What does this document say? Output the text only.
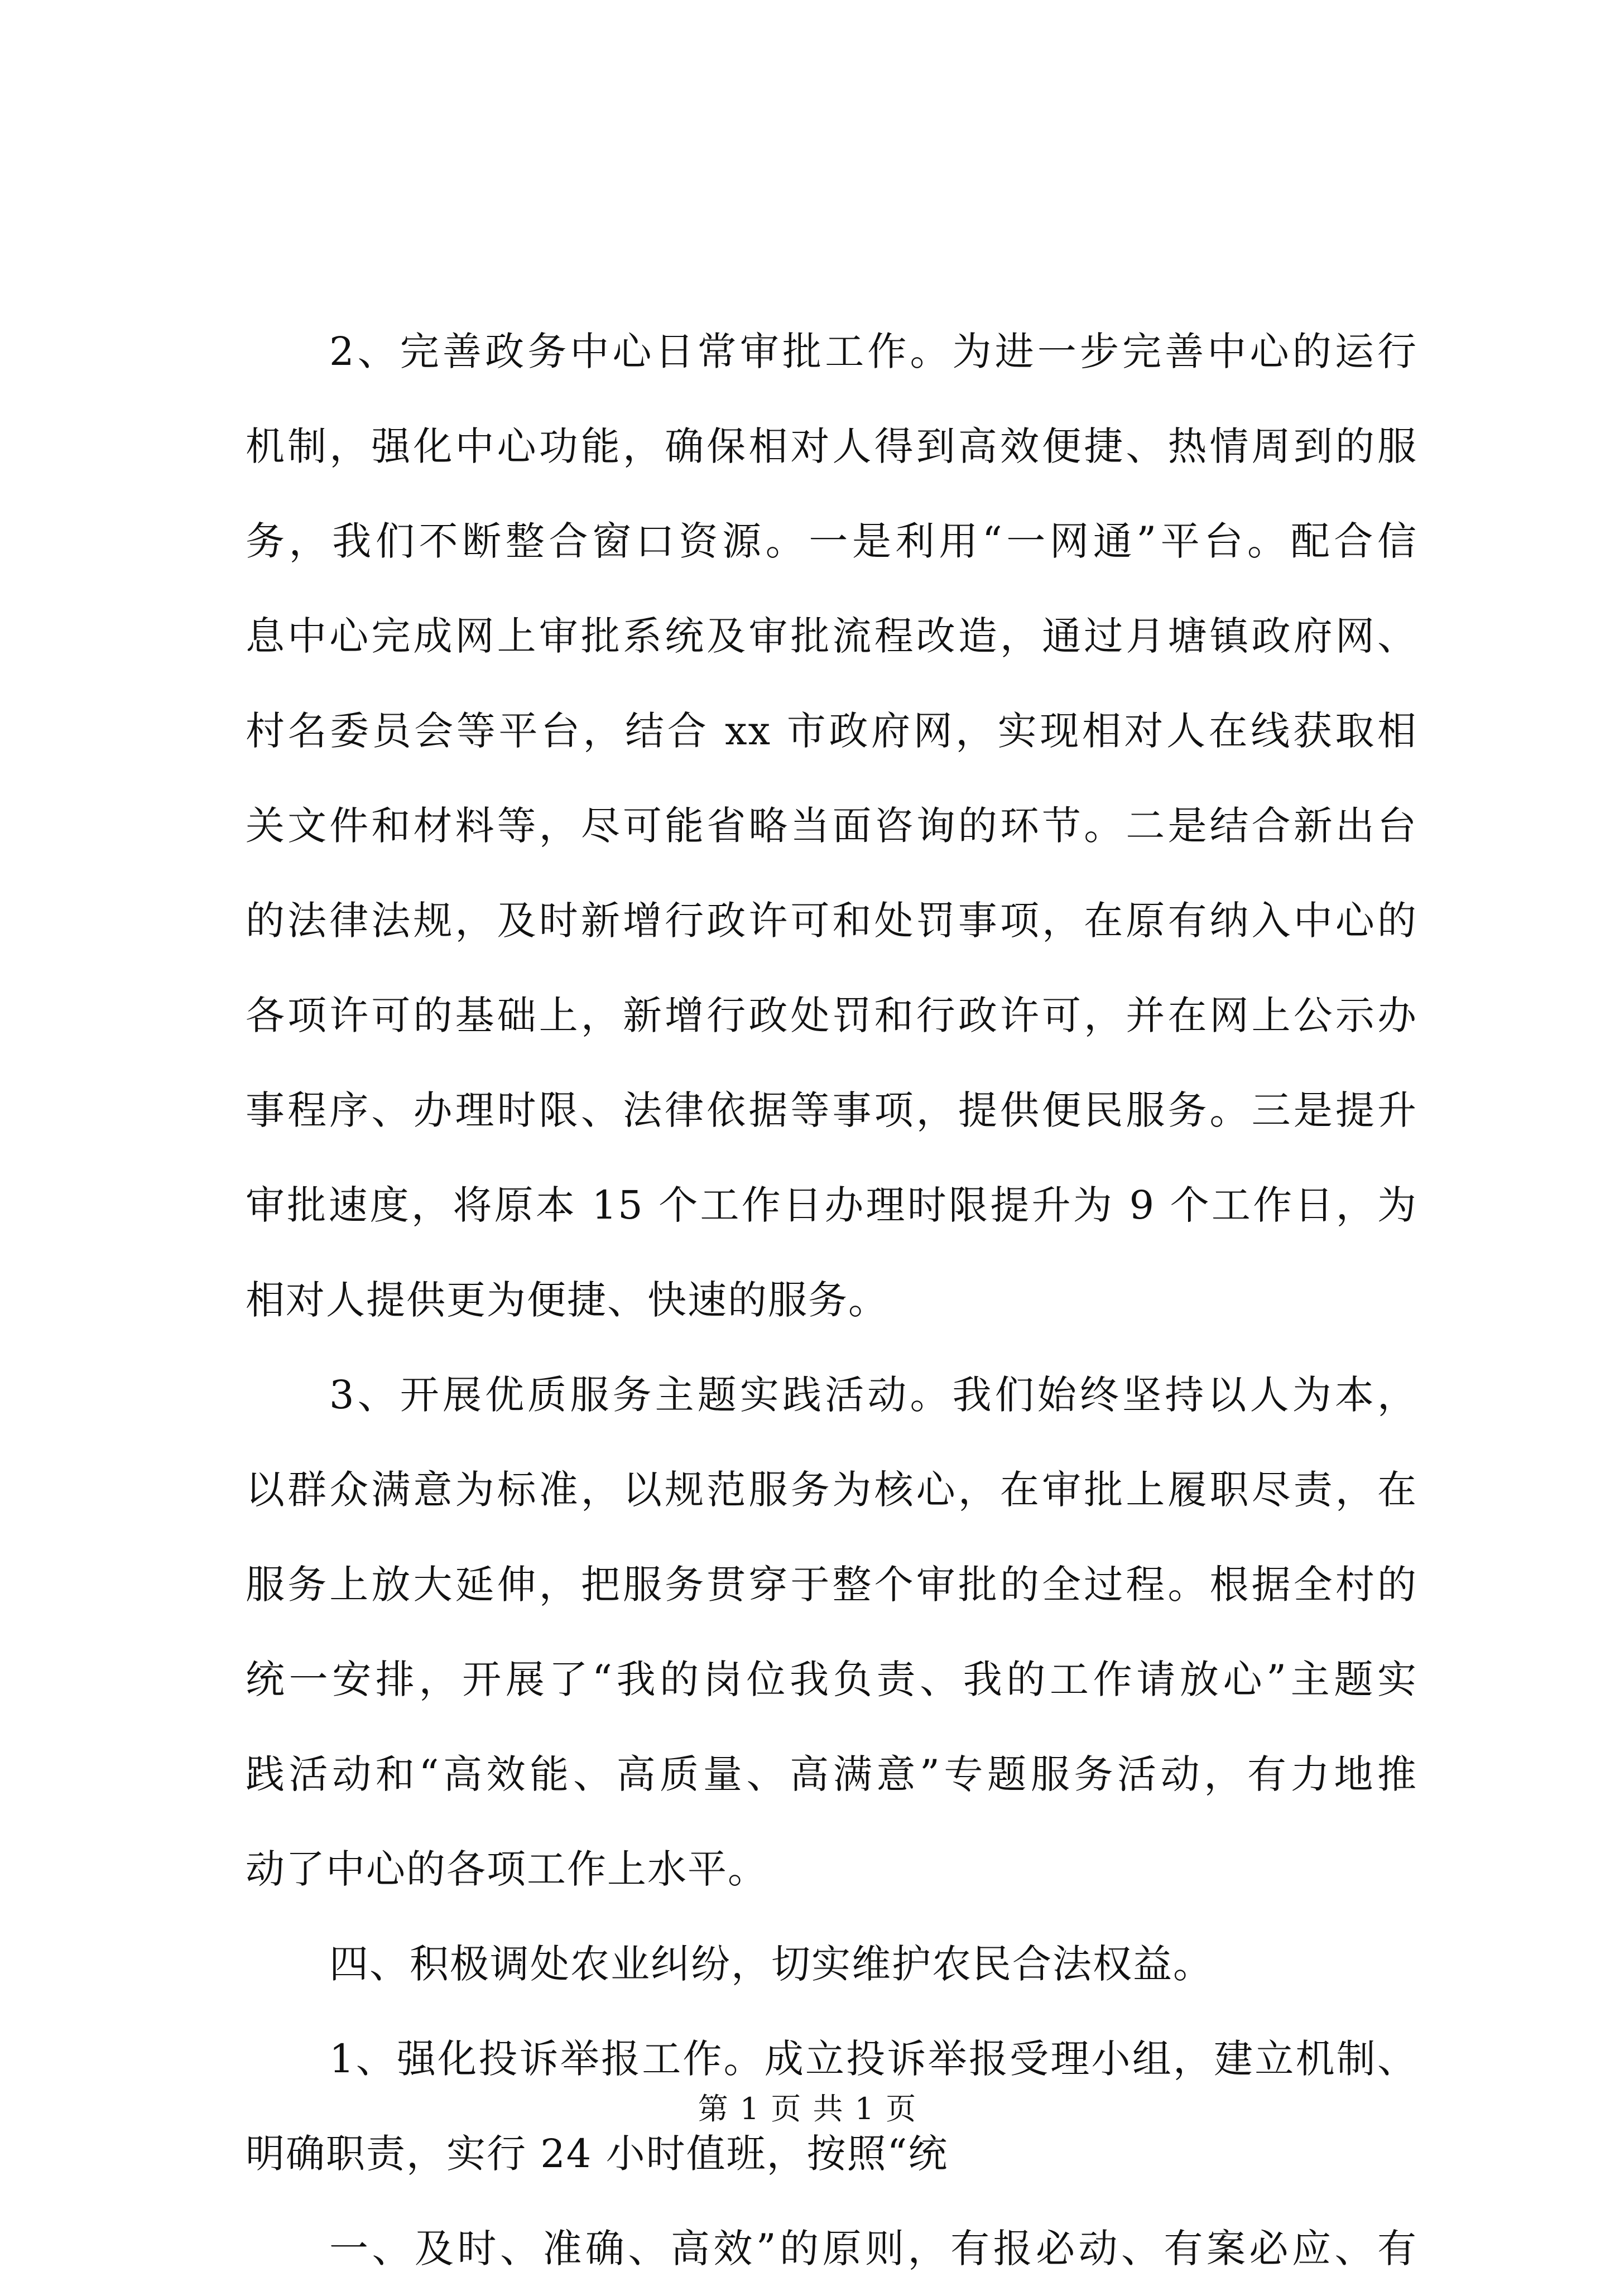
2、完善政务中心日常审批工作。为进一步完善中心的运行
机制，强化中心功能，确保相对人得到高效便捷、热情周到的服
务，我们不断整合窗口资源。一是利用“一网通”平台。配合信
息中心完成网上审批系统及审批流程改造，通过月塘镇政府网、
村名委员会等平台，结合 xx 市政府网，实现相对人在线获取相
关文件和材料等，尽可能省略当面咨询的环节。二是结合新出台
的法律法规，及时新增行政许可和处罚事项，在原有纳入中心的
各项许可的基础上，新增行政处罚和行政许可，并在网上公示办
事程序、办理时限、法律依据等事项，提供便民服务。三是提升
审批速度，将原本 15 个工作日办理时限提升为 9 个工作日，为
相对人提供更为便捷、快速的服务。
3、开展优质服务主题实践活动。我们始终坚持以人为本，
以群众满意为标准，以规范服务为核心，在审批上履职尽责，在
服务上放大延伸，把服务贯穿于整个审批的全过程。根据全村的
统一安排，开展了“我的岗位我负责、我的工作请放心”主题实
践活动和“高效能、高质量、高满意”专题服务活动，有力地推
动了中心的各项工作上水平。
四、积极调处农业纠纷，切实维护农民合法权益。
1、强化投诉举报工作。成立投诉举报受理小组，建立机制、
明确职责，实行 24 小时值班，按照“统
一、及时、准确、高效”的原则，有报必动、有案必应、有
第 1 页 共 1 页
